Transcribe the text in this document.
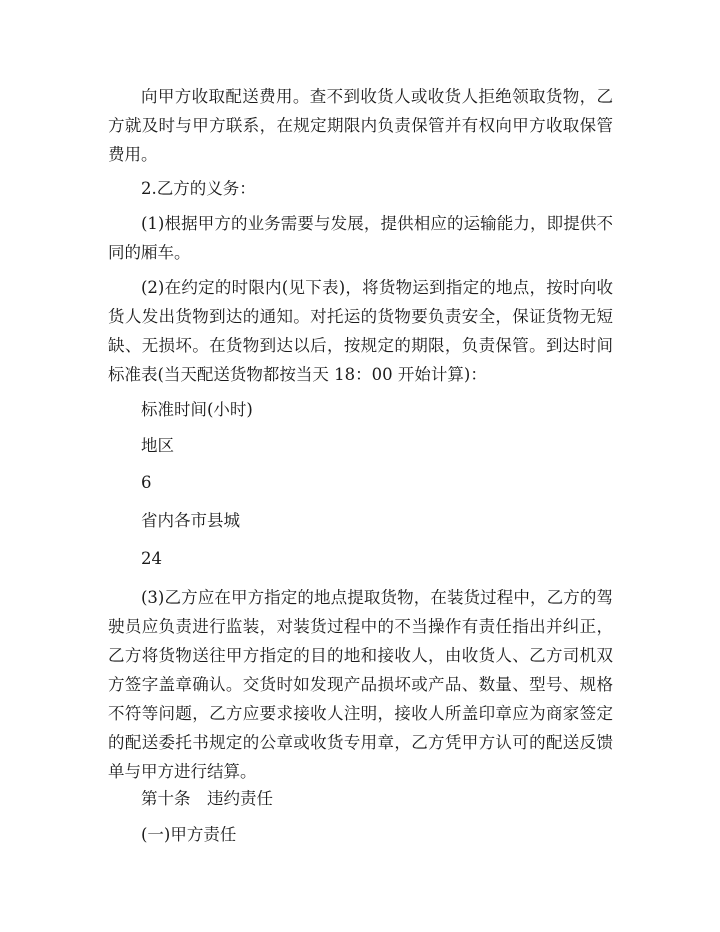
向甲方收取配送费用。查不到收货人或收货人拒绝领取货物，乙方就及时与甲方联系，在规定期限内负责保管并有权向甲方收取保管费用。
2.乙方的义务：
(1)根据甲方的业务需要与发展，提供相应的运输能力，即提供不同的厢车。
(2)在约定的时限内(见下表)，将货物运到指定的地点，按时向收货人发出货物到达的通知。对托运的货物要负责安全，保证货物无短缺、无损坏。在货物到达以后，按规定的期限，负责保管。到达时间标准表(当天配送货物都按当天 18：00 开始计算)：
标准时间(小时)
地区
6
省内各市县城
24
(3)乙方应在甲方指定的地点提取货物，在装货过程中，乙方的驾驶员应负责进行监装，对装货过程中的不当操作有责任指出并纠正，乙方将货物送往甲方指定的目的地和接收人，由收货人、乙方司机双方签字盖章确认。交货时如发现产品损坏或产品、数量、型号、规格不符等问题，乙方应要求接收人注明，接收人所盖印章应为商家签定的配送委托书规定的公章或收货专用章，乙方凭甲方认可的配送反馈单与甲方进行结算。
第十条　违约责任
(一)甲方责任
